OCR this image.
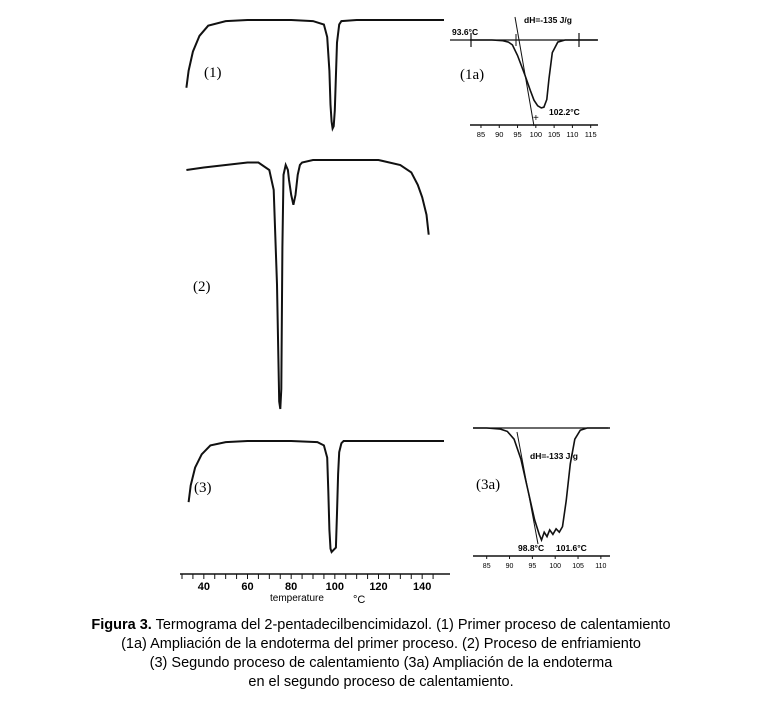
(1)
(2)
(3)
40	60	80	100 120 140
temperature	°C
85 90 95 100 105 110 115
(1a)
93.6°C
dH=-135 J/g
102.2°C
+
85 90 95 100 105 110
(3a)
dH=-133 J/g
98.8°C 101.6°C
Figura 3. Termograma del 2-pentadecilbencimidazol. (1) Primer proceso de calentamiento
(1a) Ampliación de la endoterma del primer proceso. (2) Proceso de enfriamiento
(3) Segundo proceso de calentamiento (3a) Ampliación de la endoterma
en el segundo proceso de calentamiento.
